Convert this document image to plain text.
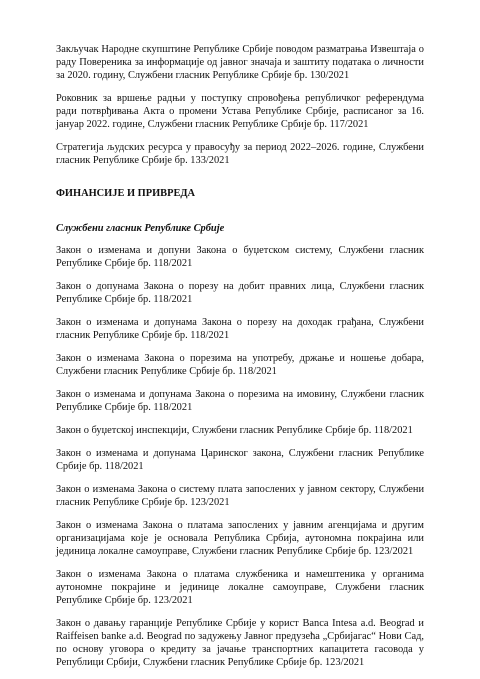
Закључак Народне скупштине Републике Србије поводом разматрања Извештаја о раду Повереника за информације од јавног значаја и заштиту података о личности за 2020. годину, Службени гласник Републике Србије бр. 130/2021

Роковник за вршење радњи у поступку спровођења републичког референдума ради потврђивања Акта о промени Устава Републике Србије, расписаног за 16. јануар 2022. године, Службени гласник Републике Србије бр. 117/2021

Стратегија људских ресурса у правосуђу за период 2022–2026. године, Службени гласник Републике Србије бр. 133/2021

ФИНАНСИЈЕ И ПРИВРЕДА
Службени гласник Републике Србије

Закон о изменама и допуни Закона о буџетском систему, Службени гласник Републике Србије бр. 118/2021

Закон о допунама Закона о порезу на добит правних лица, Службени гласник Републике Србије бр. 118/2021

Закон о изменама и допунама Закона о порезу на доходак грађана, Службени гласник Републике Србије бр. 118/2021

Закон о изменама Закона о порезима на употребу, држање и ношење добара, Службени гласник Републике Србије бр. 118/2021

Закон о изменама и допунама Закона о порезима на имовину, Службени гласник Републике Србије бр. 118/2021

Закон о буџетској инспекцији, Службени гласник Републике Србије бр. 118/2021

Закон о изменама и допунама Царинског закона, Службени гласник Републике Србије бр. 118/2021

Закон о изменама Закона о систему плата запослених у јавном сектору, Службени гласник Републике Србије бр. 123/2021

Закон о изменама Закона о платама запослених у јавним агенцијама и другим организацијама које је основала Република Србија, аутономна покрајина или јединица локалне самоуправе, Службени гласник Републике Србије бр. 123/2021

Закон о изменама Закона о платама службеника и намештеника у органима аутономне покрајине и јединице локалне самоуправе, Службени гласник Републике Србије бр. 123/2021

Закон о давању гаранције Републике Србије у корист Banca Intesa a.d. Beograd и Raiffeisen banke a.d. Beograd по задужењу Јавног предузећа „Србијагас“ Нови Сад, по основу уговора о кредиту за јачање транспортних капацитета гасовода у Републици Србији, Службени гласник Републике Србије бр. 123/2021
